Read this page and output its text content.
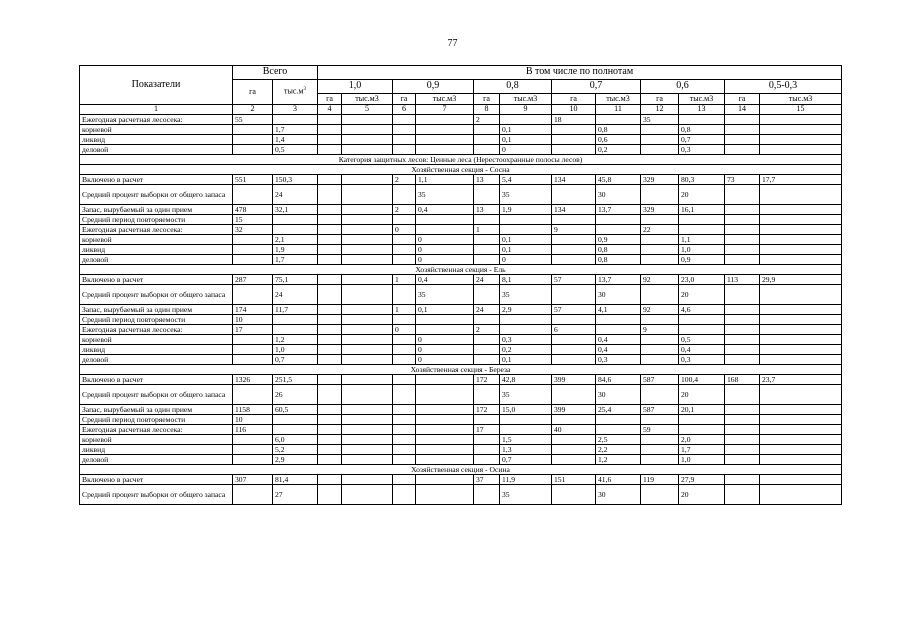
77
Показатели	Всего		В том числе по полнотам											
	га	$тыс.м^3$	1,0		0,9		0,8		0,7		0,6		0,5-0,3	
			га	тыс.м3	га	тыс.м3	га	тыс.м3	га	тыс.м3	га	тыс.м3	га	тыс.м3
1	2	3	4	5	6	7	8	9	10	11	12	13	14	15
Ежегодная расчетная лесосека:	55						2		18		35			
корневой		1,7						0,1		0,8		0,8		
ликвид		1,4						0,1		0,6		0,7		
деловой		0,5						0		0,2		0,3		
Категория защитных лесов: Ценные леса (Нерестоохранные полосы лесов)														
Хозяйственная секция - Сосна														
Включено в расчет	551	150,3			2	1,1	13	5,4	134	45,8	329	80,3	73	17,7
Средний процент выборки от общего запаса		24				35		35		30		20		
Запас, вырубаемый за один прием	478	32,1			2	0,4	13	1,9	134	13,7	329	16,1		
Средний период повторяемости	15													
Ежегодная расчетная лесосека:	32				0		1		9		22			
корневой		2,1				0		0,1		0,9		1,1		
ликвид		1,9				0		0,1		0,8		1,0		
деловой		1,7				0		0		0,8		0,9		
Хозяйственная секция - Ель														
Включено в расчет	287	75,1			1	0,4	24	8,1	57	13,7	92	23,0	113	29,9
Средний процент выборки от общего запаса		24				35		35		30		20		
Запас, вырубаемый за один прием	174	11,7			1	0,1	24	2,9	57	4,1	92	4,6		
Средний период повторяемости	10													
Ежегодная расчетная лесосека:	17				0		2		6		9			
корневой		1,2				0		0,3		0,4		0,5		
ликвид		1,0				0		0,2		0,4		0,4		
деловой		0,7				0		0,1		0,3		0,3		
Хозяйственная секция - Береза														
Включено в расчет	1326	251,5					172	42,8	399	84,6	587	100,4	168	23,7
Средний процент выборки от общего запаса		26						35		30		20		
Запас, вырубаемый за один прием	1158	60,5					172	15,0	399	25,4	587	20,1		
Средний период повторяемости	10													
Ежегодная расчетная лесосека:	116						17		40		59			
корневой		6,0						1,5		2,5		2,0		
ликвид		5,2						1,3		2,2		1,7		
деловой		2,9						0,7		1,2		1,0		
Хозяйственная секция - Осина														
Включено в расчет	307	81,4					37	11,9	151	41,6	119	27,9		
Средний процент выборки от общего запаса		27						35		30		20		
